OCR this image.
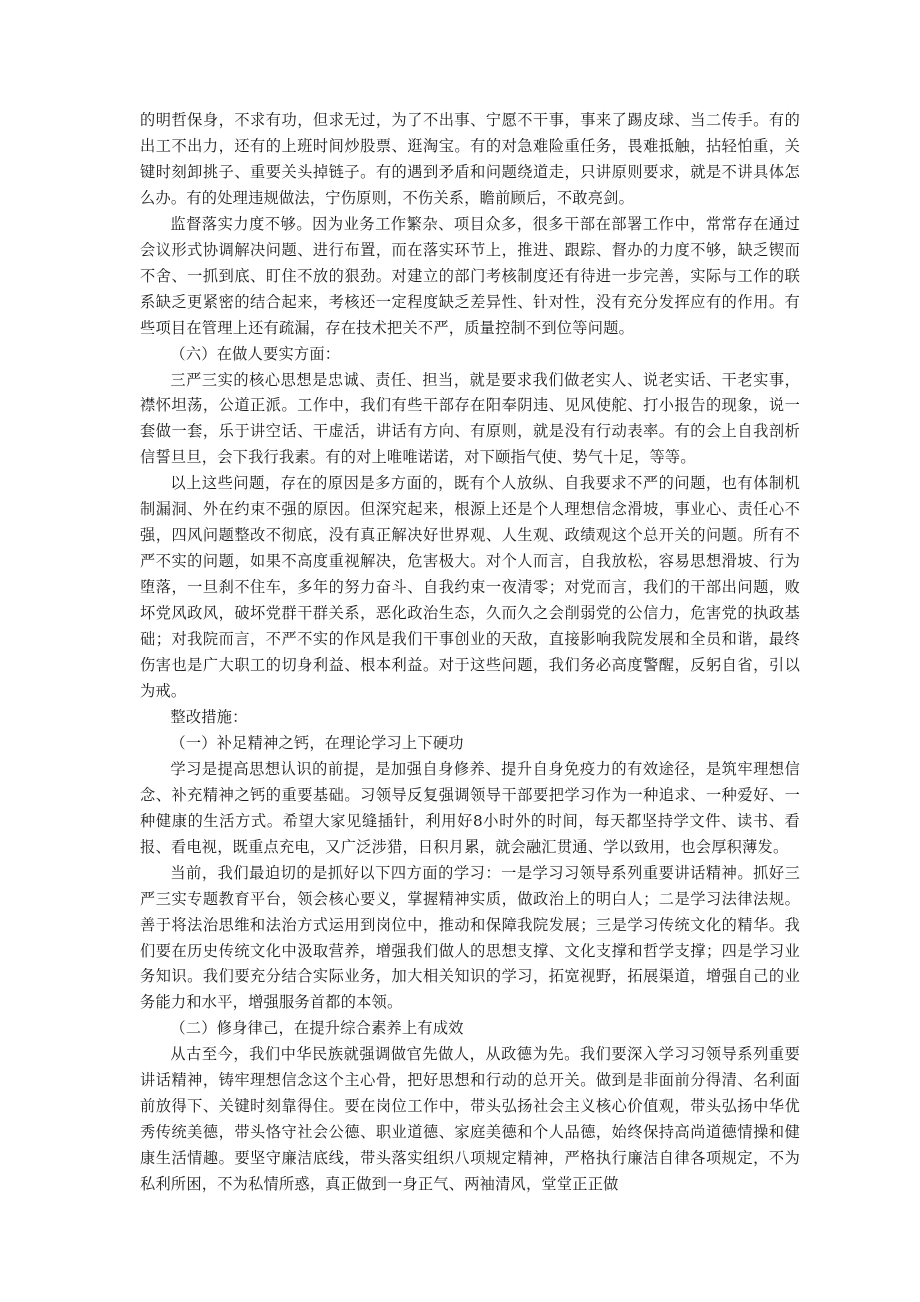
的明哲保身，不求有功，但求无过，为了不出事、宁愿不干事，事来了踢皮球、当二传手。有的出工不出力，还有的上班时间炒股票、逛淘宝。有的对急难险重任务，畏难抵触，拈轻怕重，关键时刻卸挑子、重要关头掉链子。有的遇到矛盾和问题绕道走，只讲原则要求，就是不讲具体怎么办。有的处理违规做法，宁伤原则，不伤关系，瞻前顾后，不敢亮剑。

监督落实力度不够。因为业务工作繁杂、项目众多，很多干部在部署工作中，常常存在通过会议形式协调解决问题、进行布置，而在落实环节上，推进、跟踪、督办的力度不够，缺乏锲而不舍、一抓到底、盯住不放的狠劲。对建立的部门考核制度还有待进一步完善，实际与工作的联系缺乏更紧密的结合起来，考核还一定程度缺乏差异性、针对性，没有充分发挥应有的作用。有些项目在管理上还有疏漏，存在技术把关不严，质量控制不到位等问题。

（六）在做人要实方面：

三严三实的核心思想是忠诚、责任、担当，就是要求我们做老实人、说老实话、干老实事，襟怀坦荡，公道正派。工作中，我们有些干部存在阳奉阴违、见风使舵、打小报告的现象，说一套做一套，乐于讲空话、干虚活，讲话有方向、有原则，就是没有行动表率。有的会上自我剖析信誓旦旦，会下我行我素。有的对上唯唯诺诺，对下颐指气使、势气十足，等等。

以上这些问题，存在的原因是多方面的，既有个人放纵、自我要求不严的问题，也有体制机制漏洞、外在约束不强的原因。但深究起来，根源上还是个人理想信念滑坡，事业心、责任心不强，四风问题整改不彻底，没有真正解决好世界观、人生观、政绩观这个总开关的问题。所有不严不实的问题，如果不高度重视解决，危害极大。对个人而言，自我放松，容易思想滑坡、行为堕落，一旦刹不住车，多年的努力奋斗、自我约束一夜清零；对党而言，我们的干部出问题，败坏党风政风，破坏党群干群关系，恶化政治生态，久而久之会削弱党的公信力，危害党的执政基础；对我院而言，不严不实的作风是我们干事创业的天敌，直接影响我院发展和全员和谐，最终伤害也是广大职工的切身利益、根本利益。对于这些问题，我们务必高度警醒，反躬自省，引以为戒。

整改措施：

（一）补足精神之钙，在理论学习上下硬功

学习是提高思想认识的前提，是加强自身修养、提升自身免疫力的有效途径，是筑牢理想信念、补充精神之钙的重要基础。习领导反复强调领导干部要把学习作为一种追求、一种爱好、一种健康的生活方式。希望大家见缝插针，利用好8小时外的时间，每天都坚持学文件、读书、看报、看电视，既重点充电，又广泛涉猎，日积月累，就会融汇贯通、学以致用，也会厚积薄发。

当前，我们最迫切的是抓好以下四方面的学习：一是学习习领导系列重要讲话精神。抓好三严三实专题教育平台，领会核心要义，掌握精神实质，做政治上的明白人；二是学习法律法规。善于将法治思维和法治方式运用到岗位中，推动和保障我院发展；三是学习传统文化的精华。我们要在历史传统文化中汲取营养，增强我们做人的思想支撑、文化支撑和哲学支撑；四是学习业务知识。我们要充分结合实际业务，加大相关知识的学习，拓宽视野，拓展渠道，增强自己的业务能力和水平，增强服务首都的本领。

（二）修身律己，在提升综合素养上有成效

从古至今，我们中华民族就强调做官先做人，从政德为先。我们要深入学习习领导系列重要讲话精神，铸牢理想信念这个主心骨，把好思想和行动的总开关。做到是非面前分得清、名利面前放得下、关键时刻靠得住。要在岗位工作中，带头弘扬社会主义核心价值观，带头弘扬中华优秀传统美德，带头恪守社会公德、职业道德、家庭美德和个人品德，始终保持高尚道德情操和健康生活情趣。要坚守廉洁底线，带头落实组织八项规定精神，严格执行廉洁自律各项规定，不为私利所困，不为私情所惑，真正做到一身正气、两袖清风，堂堂正正做
